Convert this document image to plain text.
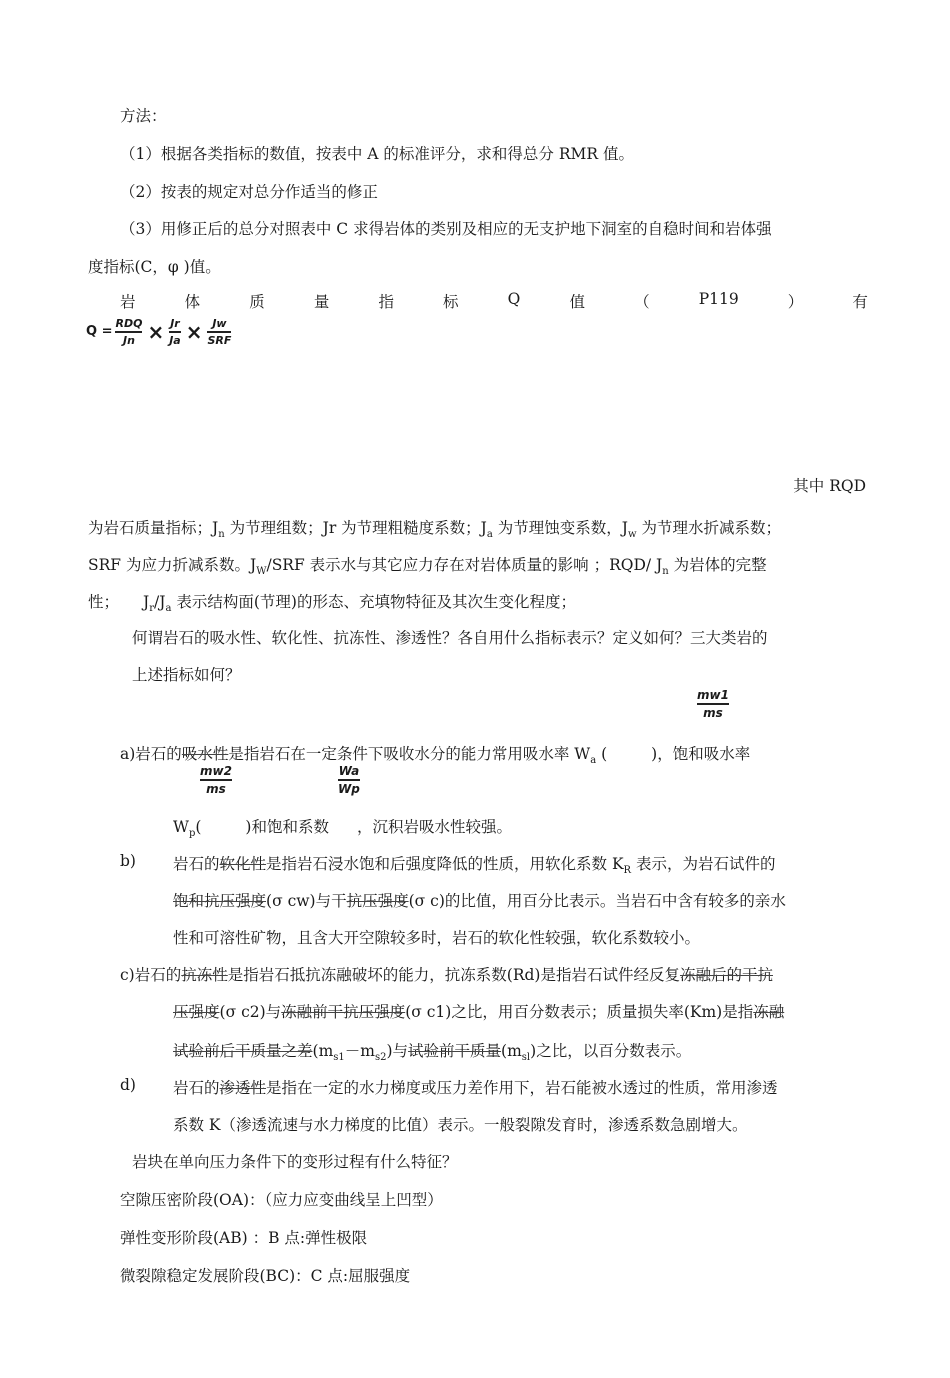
方法：
（1）根据各类指标的数值，按表中 A 的标准评分，求和得总分 RMR 值。
（2）按表的规定对总分作适当的修正
（3）用修正后的总分对照表中 C 求得岩体的类别及相应的无支护地下洞室的自稳时间和岩体强
度指标(C，φ )值。
岩	体	质	量	指	标	Q	值	（	P119	）	有
Q =
RDQ
Jn × Jr
Ja × Jw
SRF
其中 RQD
为岩石质量指标；$J_n$ 为节理组数；Jr 为节理粗糙度系数；$J_a$ 为节理蚀变系数，$J_w$ 为节理水折减系数；
SRF 为应力折减系数。$J_W$/SRF 表示水与其它应力存在对岩体质量的影响 ；RQD/ $J_n$ 为岩体的完整
性； $J_r/J_a$ 表示结构面(节理)的形态、充填物特征及其次生变化程度；
何谓岩石的吸水性、软化性、抗冻性、渗透性？各自用什么指标表示？定义如何？三大类岩的
上述指标如何？
mw1
ms
a)岩石的吸水性是指岩石在一定条件下吸收水分的能力常用吸水率 $W_a$ (	)，饱和吸水率
mw2
ms
Wa
Wp
$W_p$(	)和饱和系数 ，沉积岩吸水性较强。
b) 岩石的软化性是指岩石浸水饱和后强度降低的性质，用软化系数 $K_R$ 表示，为岩石试件的
饱和抗压强度(σ cw)与干抗压强度(σ c)的比值，用百分比表示。当岩石中含有较多的亲水
性和可溶性矿物，且含大开空隙较多时，岩石的软化性较强，软化系数较小。
c)岩石的抗冻性是指岩石抵抗冻融破坏的能力，抗冻系数(Rd)是指岩石试件经反复冻融后的干抗
压强度(σ c2)与冻融前干抗压强度(σ c1)之比，用百分数表示；质量损失率(Km)是指冻融
试验前后干质量之差$(m_{s1}-m_{s2})$与试验前干质量$(m_{sl})$之比，以百分数表示。
d) 岩石的渗透性是指在一定的水力梯度或压力差作用下，岩石能被水透过的性质，常用渗透
系数 K（渗透流速与水力梯度的比值）表示。一般裂隙发育时，渗透系数急剧增大。
岩块在单向压力条件下的变形过程有什么特征？
空隙压密阶段(OA)：（应力应变曲线呈上凹型）
弹性变形阶段(AB) ：B 点:弹性极限
微裂隙稳定发展阶段(BC)：C 点:屈服强度
